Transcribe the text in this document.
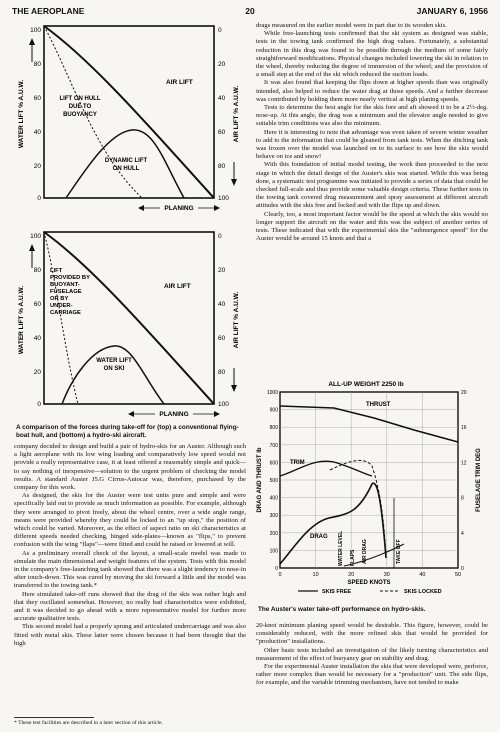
THE AEROPLANE	20	JANUARY 6, 1956
100
80
60
40
20
0
0
20
40
60
80
100
WATER LIFT % A.U.W.	AIR LIFT % A.U.W.
LIFT ON HULL DUE TO BUOYANCY
AIR LIFT
DYNAMIC LIFT ON HULL
PLANING
100
80
60
40
20
0
0
20
40
60
80
100
WATER LIFT % A.U.W.	AIR LIFT % A.U.W.
LIFT PROVIDED BY BUOYANT-FUSELAGE OR BY UNDER-CARRIAGE
AIR LIFT
WATER LIFT ON SKI
PLANING
A comparison of the forces during take-off for (top) a conventional flying-boat hull, and (bottom) a hydro-ski aircraft.
company decided to design and build a pair of hydro-skis for an Auster. Although such a light aeroplane with its low wing loading and comparatively low speed would not provide a really representative case, it at least offered a reasonably simple and quick—to say nothing of inexpensive—solution to the urgent problem of checking the model results. A standard Auster J5.G Cirrus-Autocar was, therefore, purchased by the company for this work.
As designed, the skis for the Auster were test units pure and simple and were specifically laid out to provide as much information as possible. For example, although they were arranged to pivot freely, about the wheel centre, over a wide angle range, means were provided whereby they could be locked to an "up stop," the position of which could be varied. Moreover, as the effect of aspect ratio on ski characteristics at different speeds needed checking, hinged side-plates—known as "flips," to prevent confusion with the wing "flaps"—were fitted and could be raised or lowered at will.
As a preliminary overall check of the layout, a small-scale model was made to simulate the main dimensional and weight features of the system. Tests with this model in the company's free-launching tank showed that there was a slight tendency to nose-in after touch-down. This was cured by moving the ski forward a little and the model was transferred to the towing tank.*
Here simulated take-off runs showed that the drag of the skis was rather high and that they oscillated somewhat. However, no really bad characteristics were exhibited, and it was decided to go ahead with a more representative model for further more accurate qualitative tests.
This second model had a properly sprung and articulated undercarriage and was also fitted with metal skis. These latter were chosen because it had been thought that the high
* These test facilities are described in a later section of this article.
drags measured on the earlier model were in part due to its wooden skis.
While free-launching tests confirmed that the ski system as designed was stable, tests in the towing tank confirmed the high drag values. Fortunately, a substantial reduction in this drag was found to be possible through the medium of some fairly straightforward modifications. Physical changes included lowering the ski in relation to the wheel, thereby reducing the degree of immersion of the wheel; and the provision of a small step at the end of the ski which reduced the suction loads.
It was also found that keeping the flips down at higher speeds than was originally intended, also helped to reduce the water drag at those speeds. And a further decrease was contributed by holding them more nearly vertical at high planing speeds.
Tests to determine the best angle for the skis fore and aft showed it to be a 2½-deg. nose-up. At this angle, the drag was a minimum and the elevator angle needed to give suitable trim conditions was also the minimum.
Here it is interesting to note that advantage was even taken of severe winter weather to add to the information that could be gleaned from tank tests. When the ditching tank was frozen over the model was launched on to its surface to see how the skis would behave on ice and snow!
With this foundation of initial model testing, the work then proceeded to the next stage in which the detail design of the Auster's skis was started. While this was being done, a systematic test programme was initiated to provide a series of data that could be checked full-scale and thus provide some valuable design criteria. These further tests in the towing tank covered drag measurement and spray assessment at different aircraft attitudes with the skis free and locked and with the flips up and down.
Clearly, too, a most important factor would be the speed at which the skis would no longer support the aircraft on the water and this was the subject of another series of tests. These indicated that with the experimental skis the "submergence speed" for the Auster would be around 15 knots and that a
ALL-UP WEIGHT 2250 lb
1000
900
800
700
600
500
400
300
200
100
0
20
16
12
8
4
0
0	10	20	30	40	50
DRAG AND THRUST lb	FUSELAGE TRIM DEG
SPEED KNOTS
THRUST
TRIM
DRAG WATER LEVEL FLAPS AIR DRAG	TAKE OFF
SKIS FREE	SKIS LOCKED
The Auster's water take-off performance on hydro-skis.
20-knot minimum planing speed would be desirable. This figure, however, could be considerably reduced, with the more refined skis that would be provided for "production" installations.
Other basic tests included an investigation of the likely turning characteristics and measurement of the effect of buoyancy gear on stability and drag.
For the experimental Auster installation the skis that were developed were, perforce, rather more complex than would be necessary for a "production" unit. The side flips, for example, and the variable trimming mechanism, have not tended to make
